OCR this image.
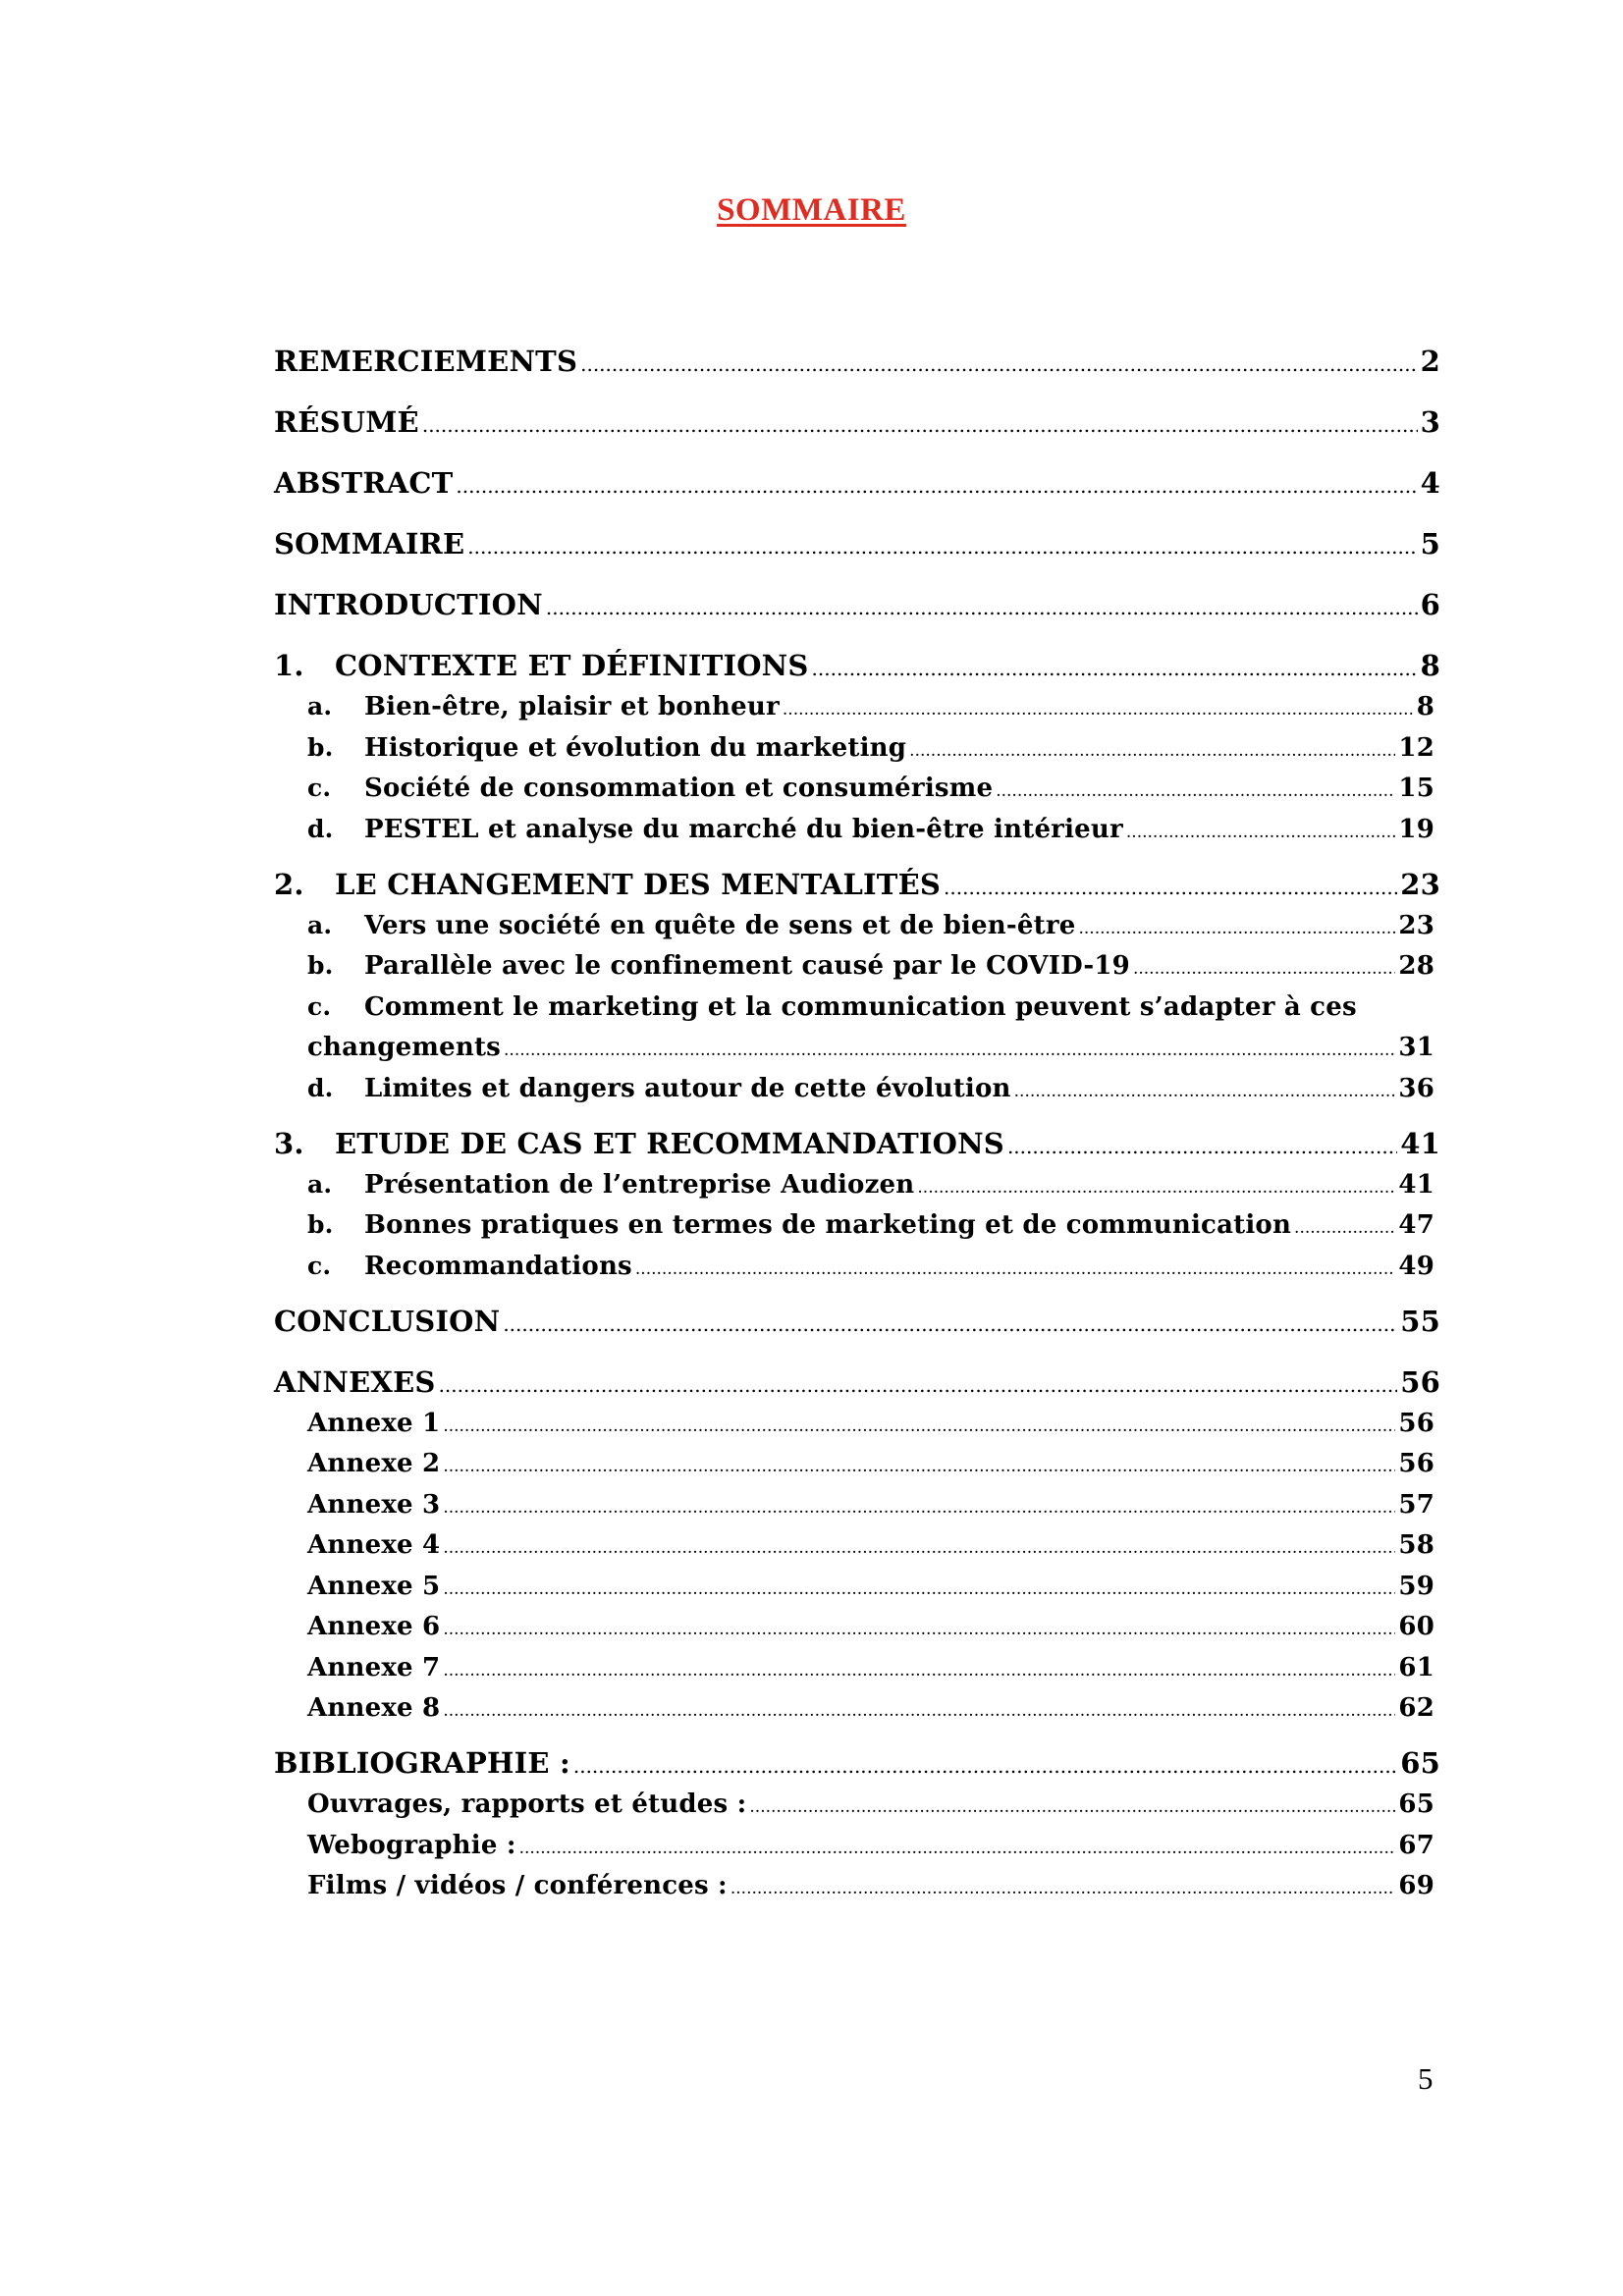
SOMMAIRE
REMERCIEMENTS .....	2
RÉSUMÉ .....	3
ABSTRACT .....	4
SOMMAIRE .....	5
INTRODUCTION .....	6
1.	CONTEXTE ET DÉFINITIONS .....	8
a.	Bien-être, plaisir et bonheur .....	8
b.	Historique et évolution du marketing .....	12
c.	Société de consommation et consumérisme .....	15
d.	PESTEL et analyse du marché du bien-être intérieur .....	19
2.	LE CHANGEMENT DES MENTALITÉS .....	23
a.	Vers une société en quête de sens et de bien-être .....	23
b.	Parallèle avec le confinement causé par le COVID-19 .....	28
c.	Comment le marketing et la communication peuvent s’adapter à ces
changements .....	31
d.	Limites et dangers autour de cette évolution .....	36
3.	ETUDE DE CAS ET RECOMMANDATIONS .....	41
a.	Présentation de l’entreprise Audiozen .....	41
b.	Bonnes pratiques en termes de marketing et de communication .....	47
c.	Recommandations .....	49
CONCLUSION .....	55
ANNEXES .....	56
Annexe 1 .....	56
Annexe 2 .....	56
Annexe 3 .....	57
Annexe 4 .....	58
Annexe 5 .....	59
Annexe 6 .....	60
Annexe 7 .....	61
Annexe 8 .....	62
BIBLIOGRAPHIE : .....	65
Ouvrages, rapports et études : .....	65
Webographie : .....	67
Films / vidéos / conférences : .....	69
5
